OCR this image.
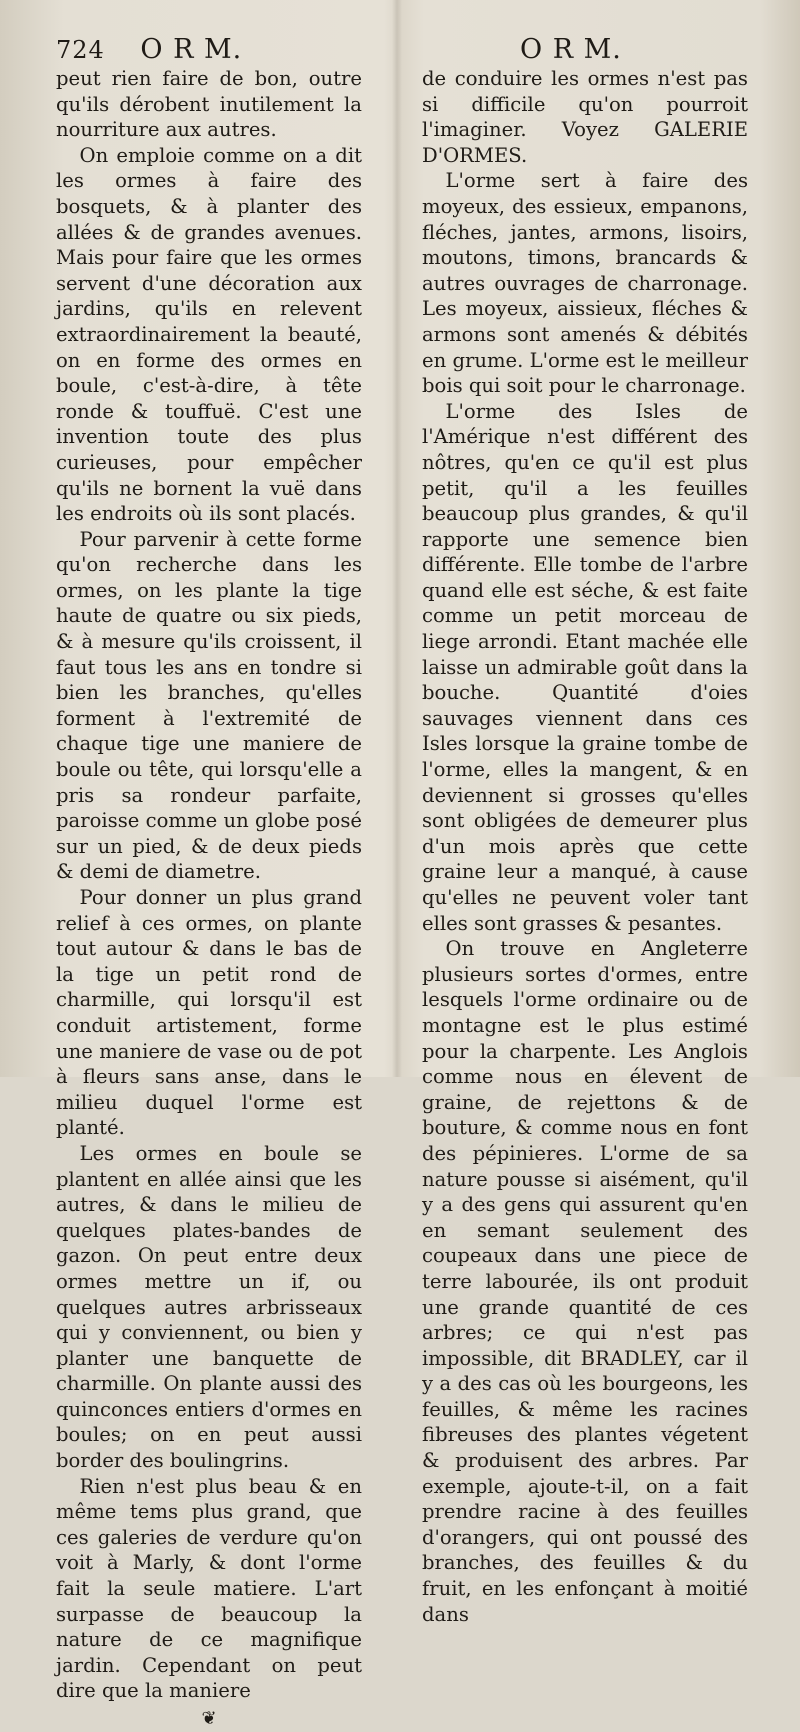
724 O R M.	O R M.

peut rien faire de bon, outre qu'ils dérobent inutilement la nourriture aux autres.

On emploie comme on a dit les ormes à faire des bosquets, & à planter des allées & de grandes avenues. Mais pour faire que les ormes servent d'une décoration aux jardins, qu'ils en relevent extraordinairement la beauté, on en forme des ormes en boule, c'est-à-dire, à tête ronde & touffuë. C'est une invention toute des plus curieuses, pour empêcher qu'ils ne bornent la vuë dans les endroits où ils sont placés.

Pour parvenir à cette forme qu'on recherche dans les ormes, on les plante la tige haute de quatre ou six pieds, & à mesure qu'ils croissent, il faut tous les ans en tondre si bien les branches, qu'elles forment à l'extremité de chaque tige une maniere de boule ou tête, qui lorsqu'elle a pris sa rondeur parfaite, paroisse comme un globe posé sur un pied, & de deux pieds & demi de diametre.

Pour donner un plus grand relief à ces ormes, on plante tout autour & dans le bas de la tige un petit rond de charmille, qui lorsqu'il est conduit artistement, forme une maniere de vase ou de pot à fleurs sans anse, dans le milieu duquel l'orme est planté.

Les ormes en boule se plantent en allée ainsi que les autres, & dans le milieu de quelques plates-bandes de gazon. On peut entre deux ormes mettre un if, ou quelques autres arbrisseaux qui y conviennent, ou bien y planter une banquette de charmille. On plante aussi des quinconces entiers d'ormes en boules; on en peut aussi border des boulingrins.

Rien n'est plus beau & en même tems plus grand, que ces galeries de verdure qu'on voit à Marly, & dont l'orme fait la seule matiere. L'art surpasse de beaucoup la nature de ce magnifique jardin. Cependant on peut dire que la maniere

❦

de conduire les ormes n'est pas si difficile qu'on pourroit l'imaginer. Voyez GALERIE D'ORMES.

L'orme sert à faire des moyeux, des essieux, empanons, fléches, jantes, armons, lisoirs, moutons, timons, brancards & autres ouvrages de charronage. Les moyeux, aissieux, fléches & armons sont amenés & débités en grume. L'orme est le meilleur bois qui soit pour le charronage.

L'orme des Isles de l'Amérique n'est différent des nôtres, qu'en ce qu'il est plus petit, qu'il a les feuilles beaucoup plus grandes, & qu'il rapporte une semence bien différente. Elle tombe de l'arbre quand elle est séche, & est faite comme un petit morceau de liege arrondi. Etant machée elle laisse un admirable goût dans la bouche. Quantité d'oies sauvages viennent dans ces Isles lorsque la graine tombe de l'orme, elles la mangent, & en deviennent si grosses qu'elles sont obligées de demeurer plus d'un mois après que cette graine leur a manqué, à cause qu'elles ne peuvent voler tant elles sont grasses & pesantes.

On trouve en Angleterre plusieurs sortes d'ormes, entre lesquels l'orme ordinaire ou de montagne est le plus estimé pour la charpente. Les Anglois comme nous en élevent de graine, de rejettons & de bouture, & comme nous en font des pépinieres. L'orme de sa nature pousse si aisément, qu'il y a des gens qui assurent qu'en en semant seulement des coupeaux dans une piece de terre labourée, ils ont produit une grande quantité de ces arbres; ce qui n'est pas impossible, dit BRADLEY, car il y a des cas où les bourgeons, les feuilles, & même les racines fibreuses des plantes végetent & produisent des arbres. Par exemple, ajoute-t-il, on a fait prendre racine à des feuilles d'orangers, qui ont poussé des branches, des feuilles & du fruit, en les enfonçant à moitié dans
